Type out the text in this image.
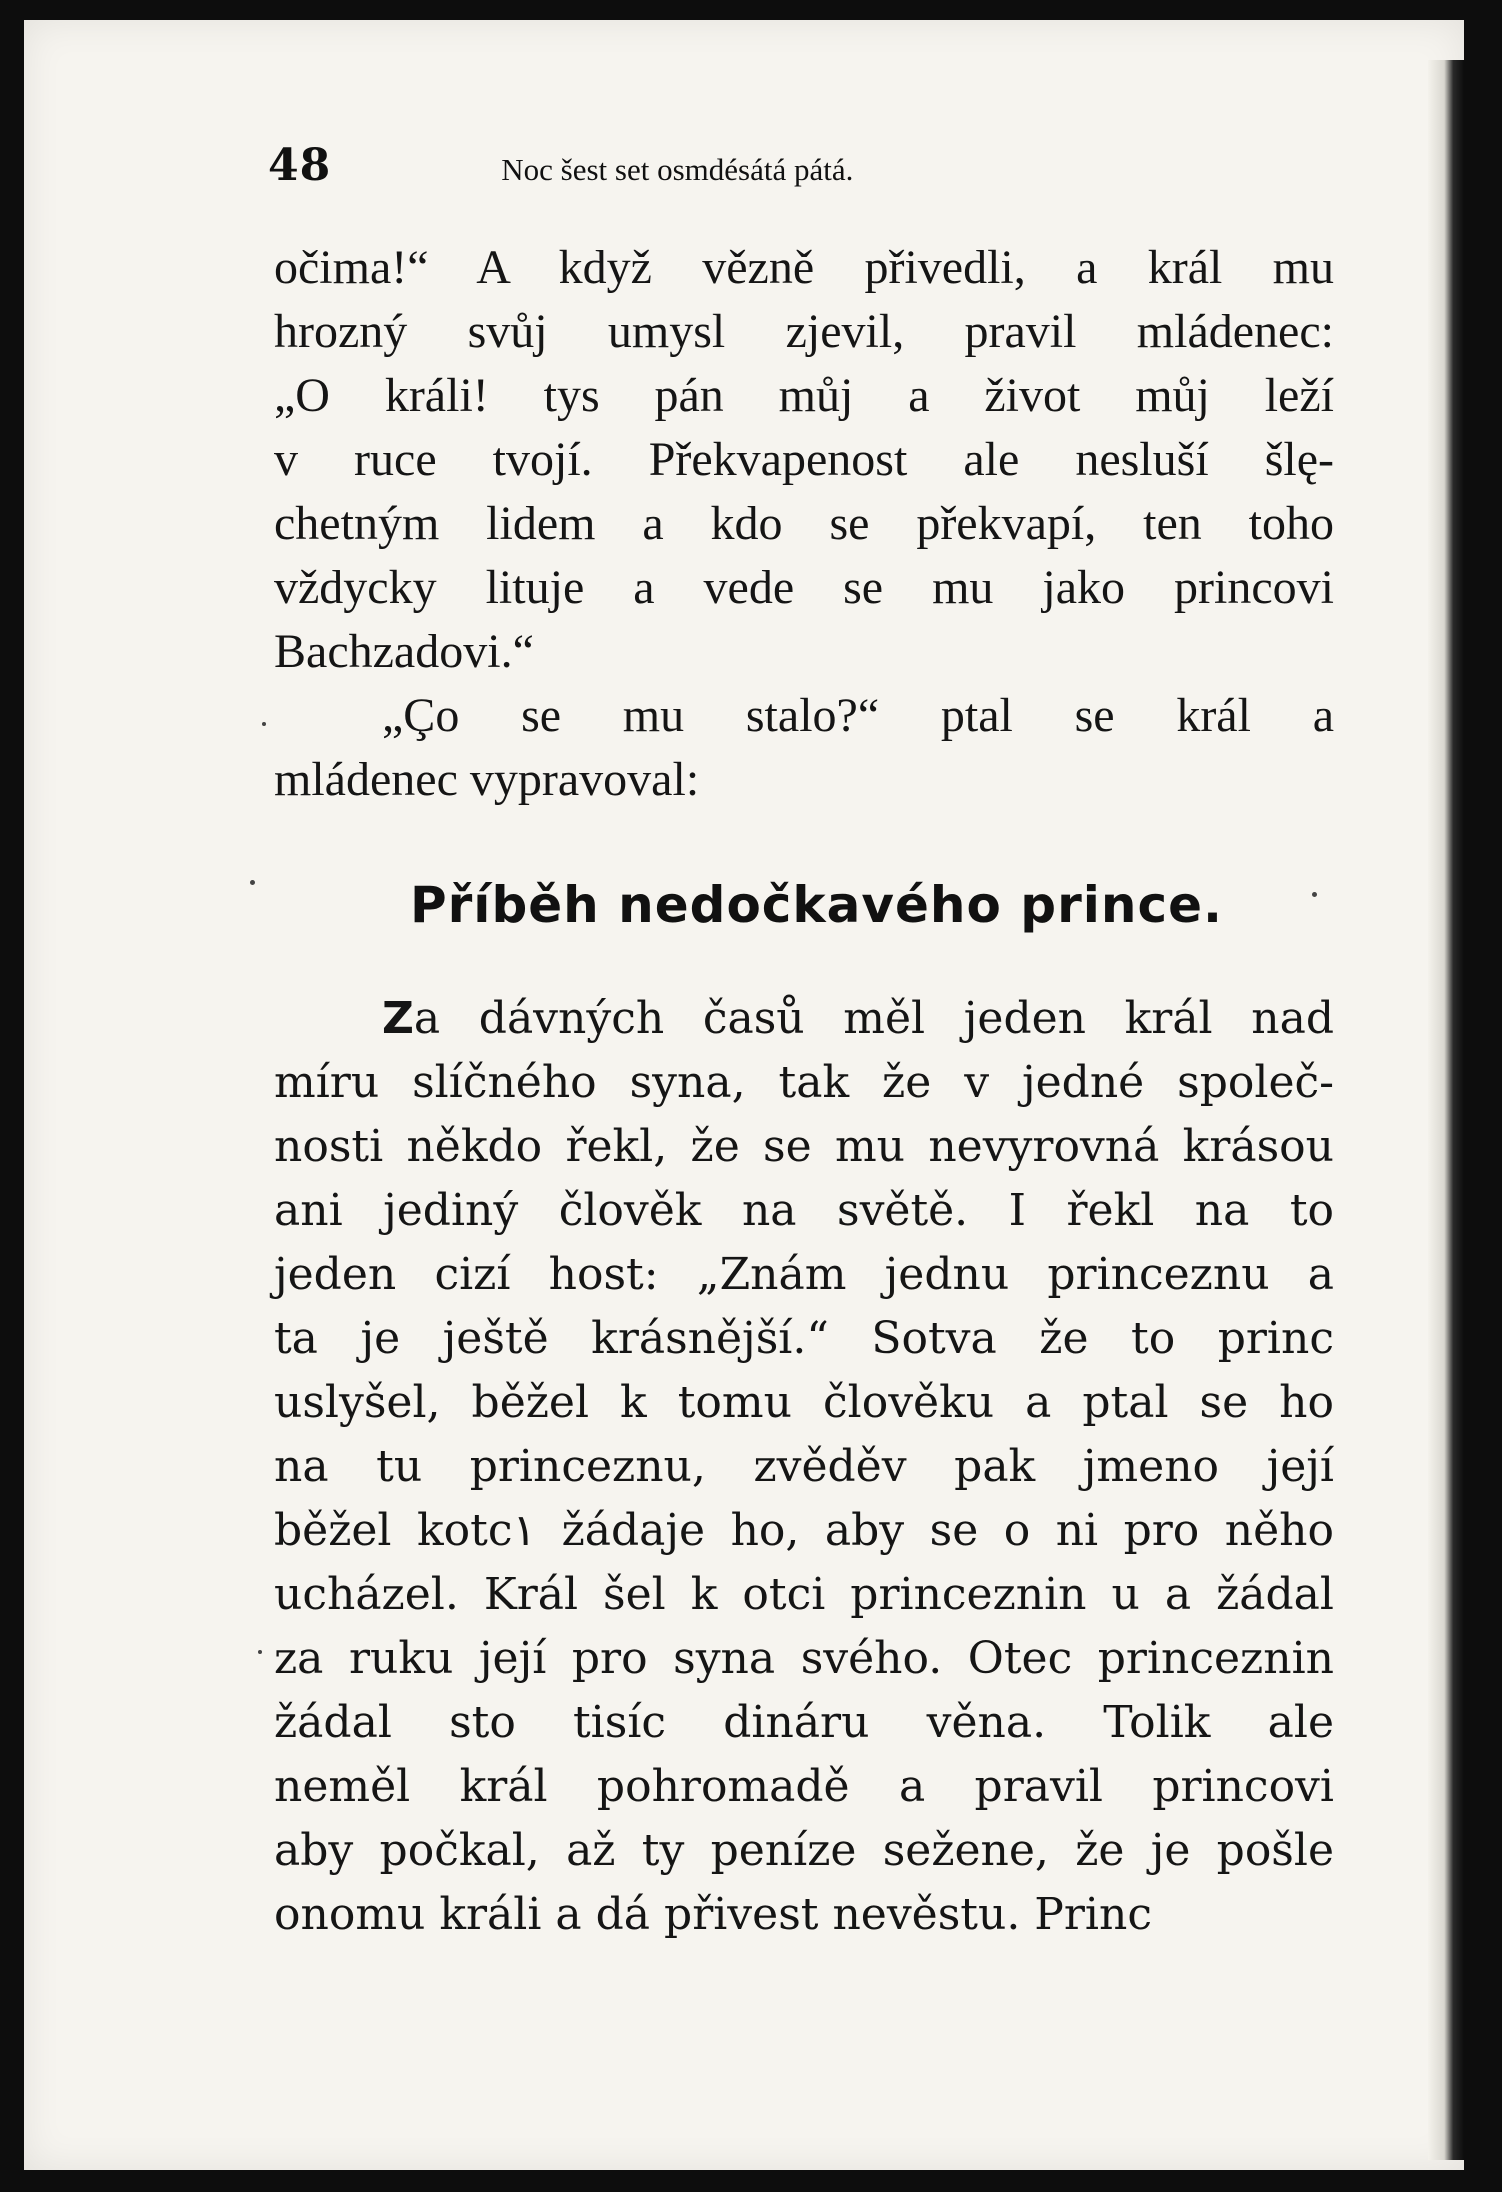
48	Noc šest set osmdésátá pátá.
očima!“ A když vězně přivedli, a král mu
hrozný svůj umysl zjevil, pravil mládenec:
„O králi! tys pán můj a život můj leží
v ruce tvojí. Překvapenost ale nesluší šlę-
chetným lidem a kdo se překvapí, ten toho
vždycky lituje a vede se mu jako princovi
Bachzadovi.“
„Ço se mu stalo?“ ptal se král a
mládenec vypravoval:
Příběh nedočkavého prince.
Za dávných časů měl jeden král nad
míru slíčného syna, tak že v jedné společ-
nosti někdo řekl, že se mu nevyrovná krásou
ani jediný člověk na světě. I řekl na to
jeden cizí host: „Znám jednu princeznu a
ta je ještě krásnější.“ Sotva že to princ
uslyšel, běžel k tomu člověku a ptal se ho
na tu princeznu, zvěděv pak jmeno její
běžel kotc۱ žádaje ho, aby se o ni pro něho
ucházel. Král šel k otci princeznin u a žádal
za ruku její pro syna svého. Otec princeznin
žádal sto tisíc dináru věna. Tolik ale
neměl král pohromadě a pravil princovi
aby počkal, až ty peníze sežene, že je pošle
onomu králi a dá přivest nevěstu. Princ
